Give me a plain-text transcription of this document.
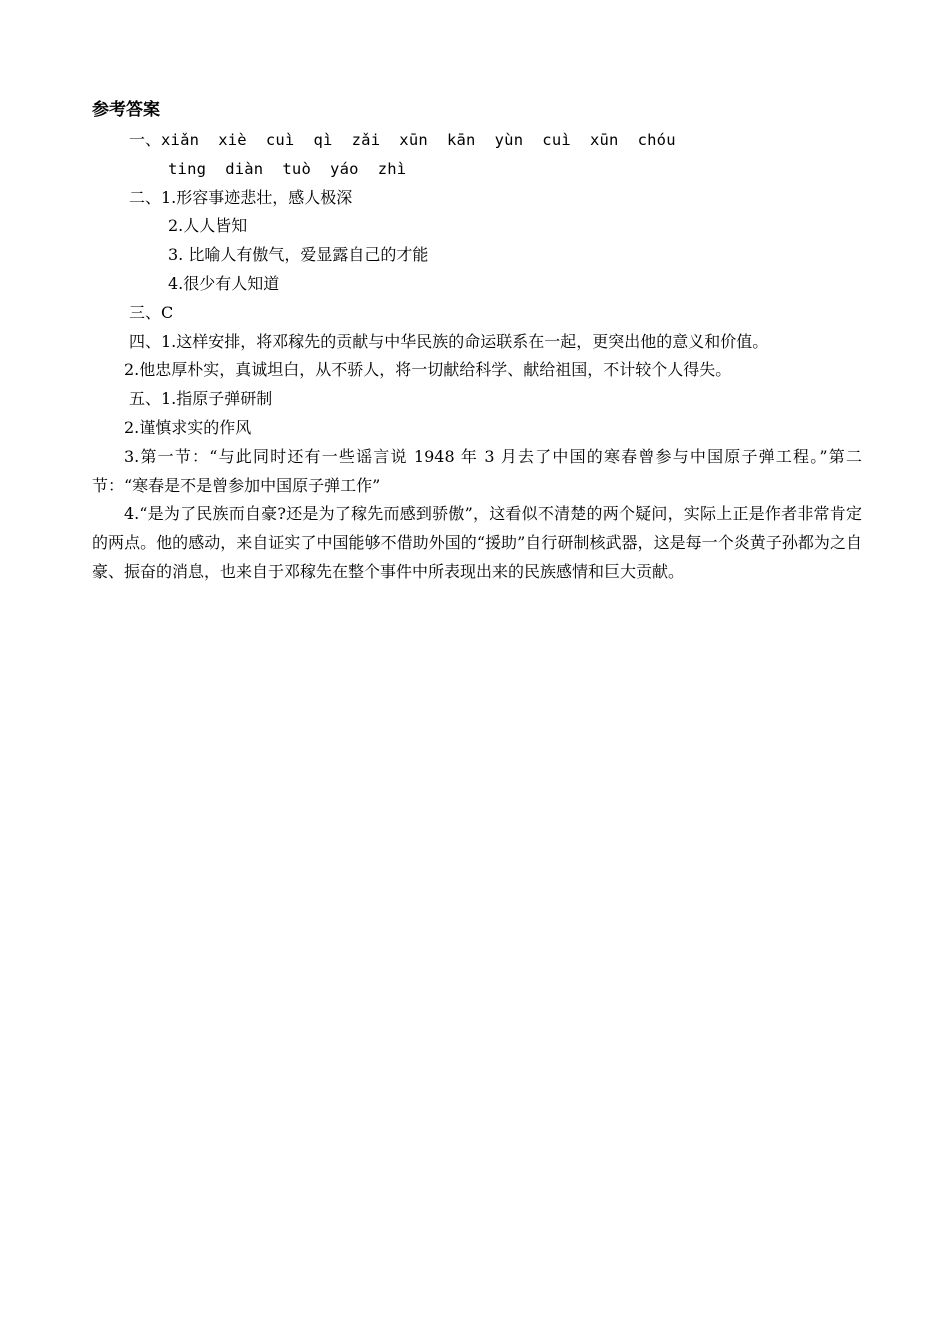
参考答案
一、xiǎn  xiè  cuì  qì  zǎi  xūn  kān  yùn  cuì  xūn  chóu
ting  diàn  tuò  yáo  zhì
二、1.形容事迹悲壮，感人极深
2.人人皆知
3. 比喻人有傲气，爱显露自己的才能
4.很少有人知道
三、C
四、1.这样安排，将邓稼先的贡献与中华民族的命运联系在一起，更突出他的意义和价值。
2.他忠厚朴实，真诚坦白，从不骄人，将一切献给科学、献给祖国，不计较个人得失。
五、1.指原子弹研制
2.谨慎求实的作风
3.第一节：“与此同时还有一些谣言说 1948 年 3 月去了中国的寒春曾参与中国原子弹工程。”第二节：“寒春是不是曾参加中国原子弹工作”
4.“是为了民族而自豪?还是为了稼先而感到骄傲”，这看似不清楚的两个疑问，实际上正是作者非常肯定的两点。他的感动，来自证实了中国能够不借助外国的“援助”自行研制核武器，这是每一个炎黄子孙都为之自豪、振奋的消息，也来自于邓稼先在整个事件中所表现出来的民族感情和巨大贡献。
